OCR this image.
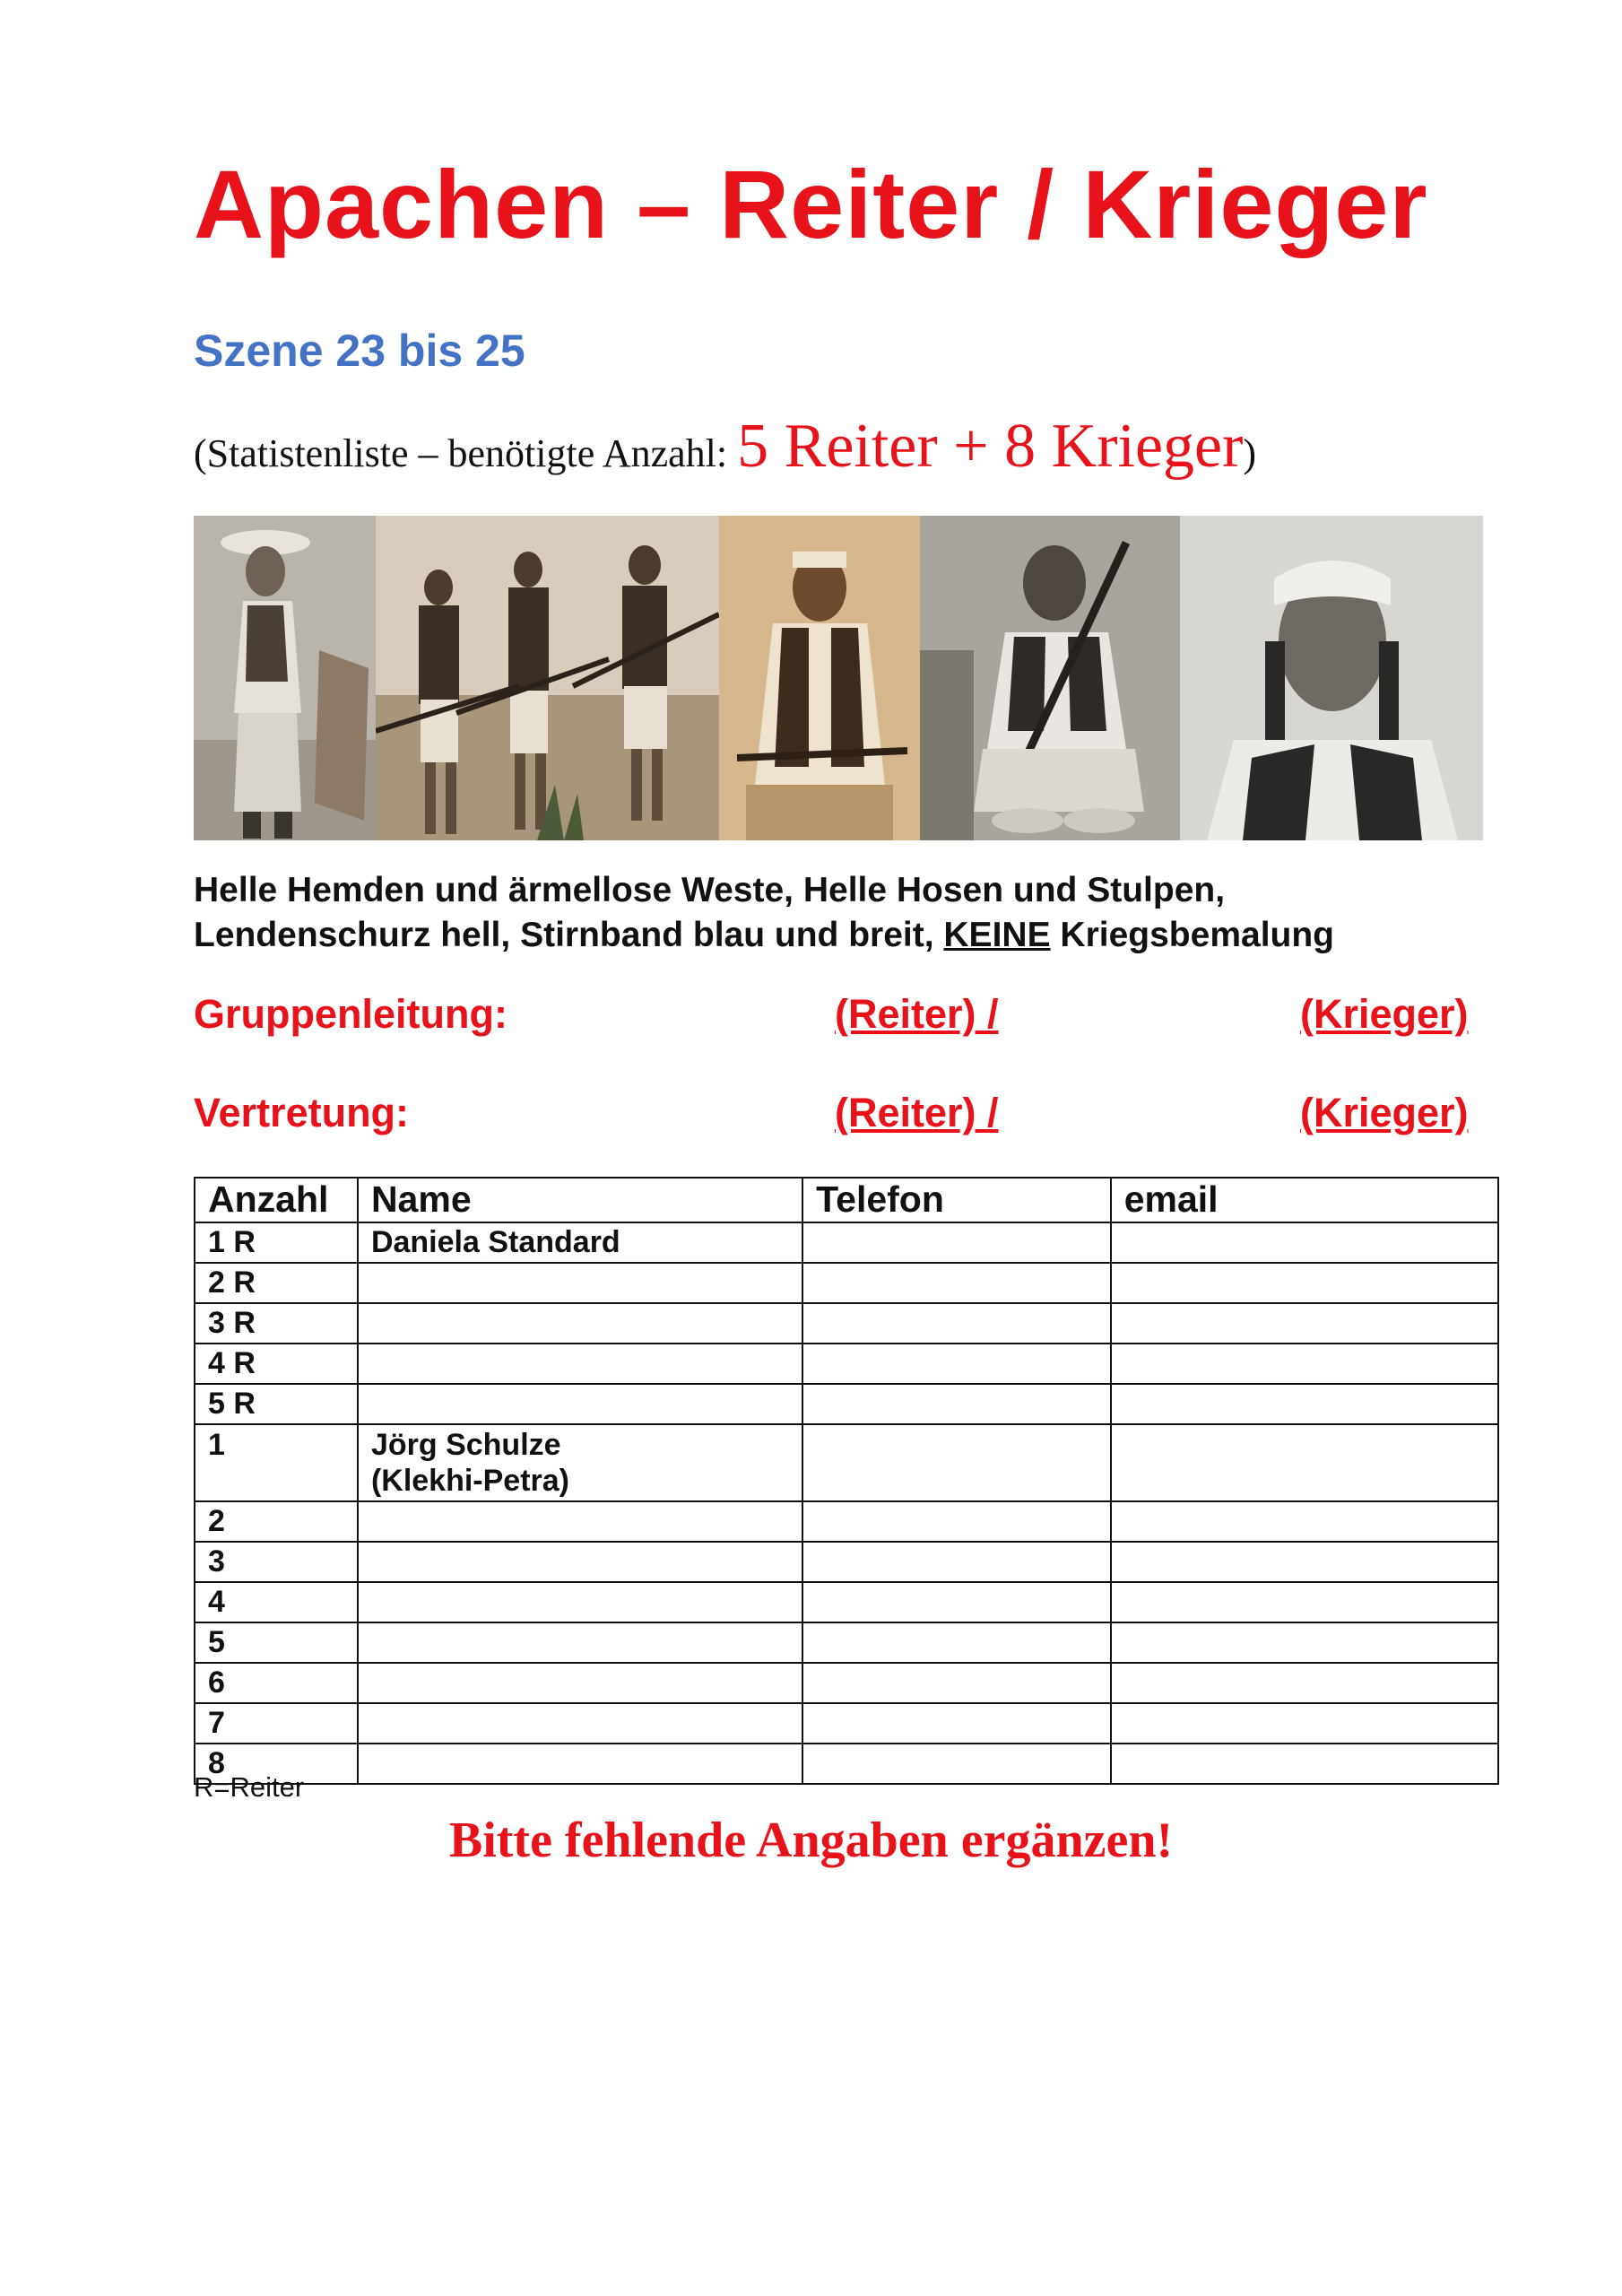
Apachen – Reiter / Krieger
Szene 23 bis 25
(Statistenliste – benötigte Anzahl: 5 Reiter + 8 Krieger)
Helle Hemden und ärmellose Weste, Helle Hosen und Stulpen,
Lendenschurz hell, Stirnband blau und breit, KEINE Kriegsbemalung
Gruppenleitung:	(Reiter) /	(Krieger)
Vertretung:	(Reiter) /	(Krieger)
Anzahl	Name	Telefon	email
1 R	Daniela Standard		
2 R			
3 R			
4 R			
5 R			
1	Jörg Schulze
(Klekhi-Petra)		

2			
3			
4			
5			
6			
7			
8			
R=Reiter
Bitte fehlende Angaben ergänzen!
